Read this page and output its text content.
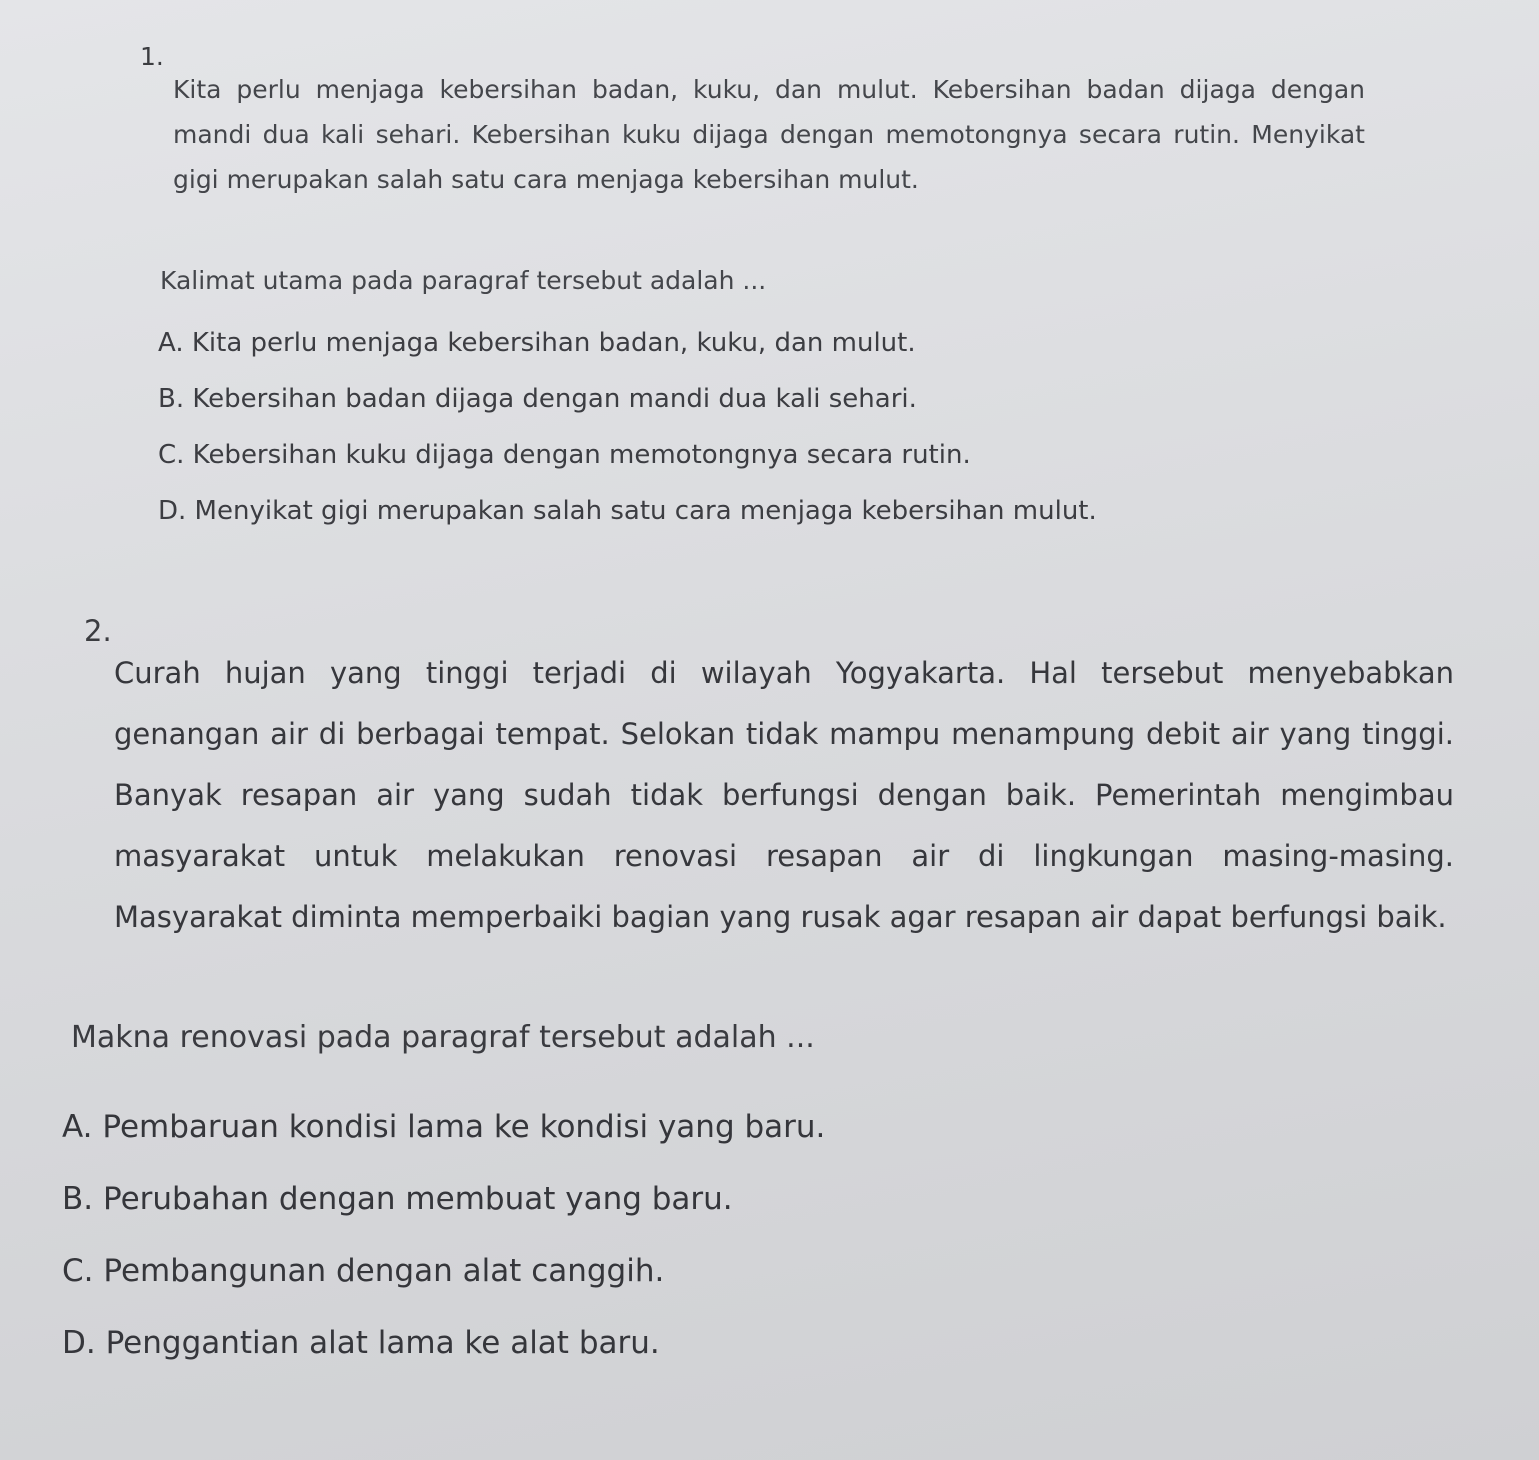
1.

Kita perlu menjaga kebersihan badan, kuku, dan mulut. Kebersihan badan dijaga dengan mandi dua kali sehari. Kebersihan kuku dijaga dengan memotongnya secara rutin. Menyikat gigi merupakan salah satu cara menjaga kebersihan mulut.

Kalimat utama pada paragraf tersebut adalah ...

A. Kita perlu menjaga kebersihan badan, kuku, dan mulut.
B. Kebersihan badan dijaga dengan mandi dua kali sehari.
C. Kebersihan kuku dijaga dengan memotongnya secara rutin.
D. Menyikat gigi merupakan salah satu cara menjaga kebersihan mulut.
2.

Curah hujan yang tinggi terjadi di wilayah Yogyakarta. Hal tersebut menyebabkan genangan air di berbagai tempat. Selokan tidak mampu menampung debit air yang tinggi. Banyak resapan air yang sudah tidak berfungsi dengan baik. Pemerintah mengimbau masyarakat untuk melakukan renovasi resapan air di lingkungan masing-masing. Masyarakat diminta memperbaiki bagian yang rusak agar resapan air dapat berfungsi baik.

Makna renovasi pada paragraf tersebut adalah ...

A. Pembaruan kondisi lama ke kondisi yang baru.
B. Perubahan dengan membuat yang baru.
C. Pembangunan dengan alat canggih.
D. Penggantian alat lama ke alat baru.
